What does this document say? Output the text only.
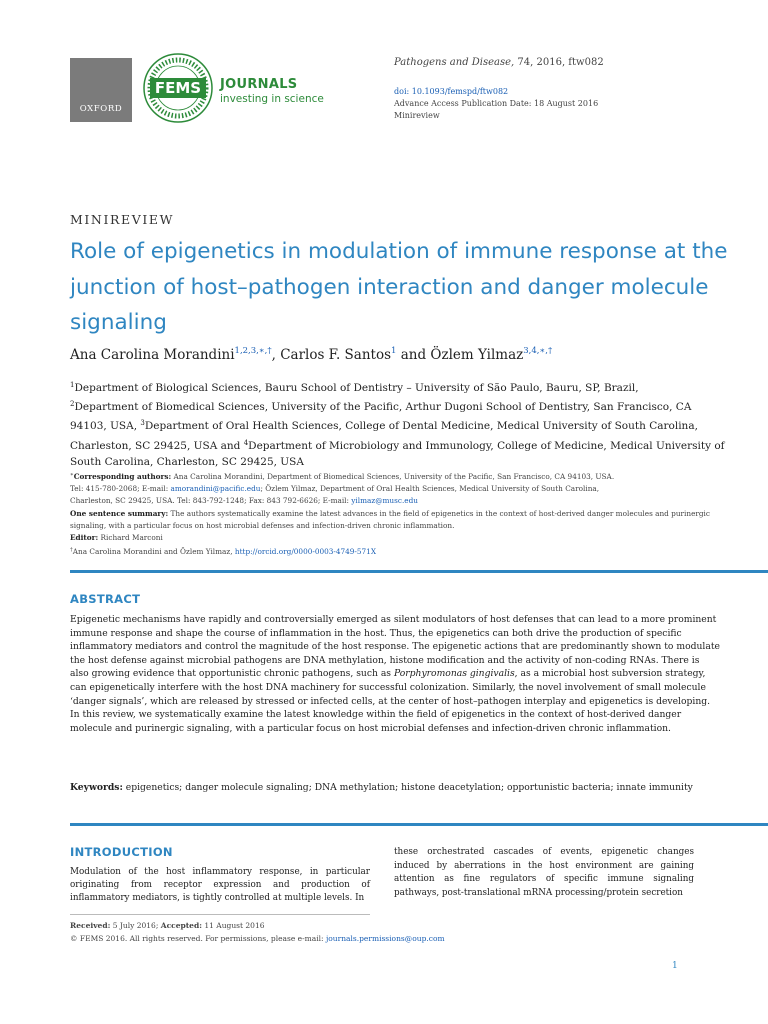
OXFORD
FEMS JOURNALS
investing in science
Pathogens and Disease, 74, 2016, ftw082
doi: 10.1093/femspd/ftw082
Advance Access Publication Date: 18 August 2016
Minireview
MINIREVIEW
Role of epigenetics in modulation of immune response at the junction of host–pathogen interaction and danger molecule signaling
Ana Carolina Morandini$^{1,2,3,∗,\dagger}$, Carlos F. Santos$^1$ and Özlem Yilmaz$^{3,4,∗,\dagger}$
$^1$Department of Biological Sciences, Bauru School of Dentistry – University of São Paulo, Bauru, SP, Brazil,
$^2$Department of Biomedical Sciences, University of the Pacific, Arthur Dugoni School of Dentistry, San Francisco, CA 94103, USA, $^3$Department of Oral Health Sciences, College of Dental Medicine, Medical University of South Carolina, Charleston, SC 29425, USA and $^4$Department of Microbiology and Immunology, College of Medicine, Medical University of South Carolina, Charleston, SC 29425, USA
∗Corresponding authors: Ana Carolina Morandini, Department of Biomedical Sciences, University of the Pacific, San Francisco, CA 94103, USA.
Tel: 415-780-2068; E-mail: amorandini@pacific.edu; Özlem Yilmaz, Department of Oral Health Sciences, Medical University of South Carolina,
Charleston, SC 29425, USA. Tel: 843-792-1248; Fax: 843 792-6626; E-mail: yilmaz@musc.edu
One sentence summary: The authors systematically examine the latest advances in the field of epigenetics in the context of host-derived danger molecules and purinergic signaling, with a particular focus on host microbial defenses and infection-driven chronic inflammation.
Editor: Richard Marconi
†Ana Carolina Morandini and Özlem Yilmaz, http://orcid.org/0000-0003-4749-571X
ABSTRACT
Epigenetic mechanisms have rapidly and controversially emerged as silent modulators of host defenses that can lead to a more prominent immune response and shape the course of inflammation in the host. Thus, the epigenetics can both drive the production of specific inflammatory mediators and control the magnitude of the host response. The epigenetic actions that are predominantly shown to modulate the host defense against microbial pathogens are DNA methylation, histone modification and the activity of non-coding RNAs. There is also growing evidence that opportunistic chronic pathogens, such as Porphyromonas gingivalis, as a microbial host subversion strategy, can epigenetically interfere with the host DNA machinery for successful colonization. Similarly, the novel involvement of small molecule ‘danger signals’, which are released by stressed or infected cells, at the center of host–pathogen interplay and epigenetics is developing. In this review, we systematically examine the latest knowledge within the field of epigenetics in the context of host-derived danger molecule and purinergic signaling, with a particular focus on host microbial defenses and infection-driven chronic inflammation.
Keywords: epigenetics; danger molecule signaling; DNA methylation; histone deacetylation; opportunistic bacteria; innate immunity
INTRODUCTION
Modulation of the host inflammatory response, in particular originating from receptor expression and production of inflammatory mediators, is tightly controlled at multiple levels. In
these orchestrated cascades of events, epigenetic changes induced by aberrations in the host environment are gaining attention as fine regulators of specific immune signaling pathways, post-translational mRNA processing/protein secretion
Received: 5 July 2016; Accepted: 11 August 2016
© FEMS 2016. All rights reserved. For permissions, please e-mail: journals.permissions@oup.com
1
